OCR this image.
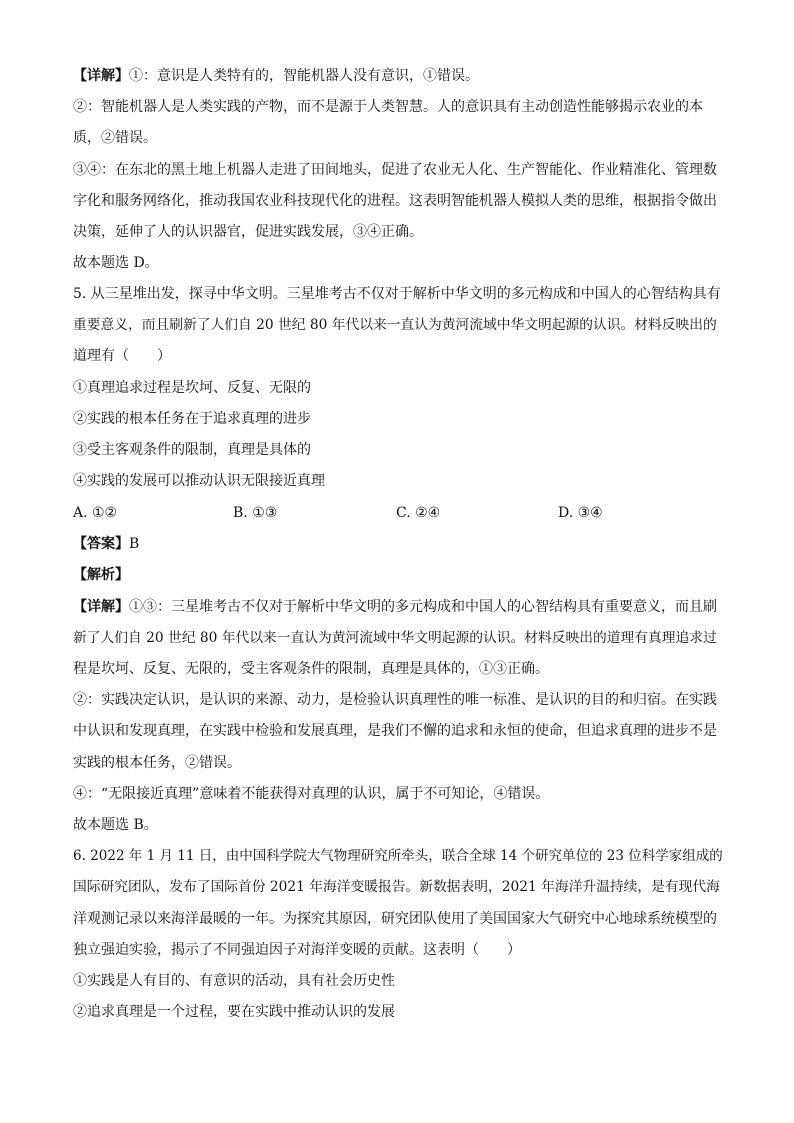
【详解】①：意识是人类特有的，智能机器人没有意识，①错误。
②：智能机器人是人类实践的产物，而不是源于人类智慧。人的意识具有主动创造性能够揭示农业的本
质，②错误。
③④：在东北的黑土地上机器人走进了田间地头，促进了农业无人化、生产智能化、作业精准化、管理数
字化和服务网络化，推动我国农业科技现代化的进程。这表明智能机器人模拟人类的思维，根据指令做出
决策，延伸了人的认识器官，促进实践发展，③④正确。
故本题选 D。
5. 从三星堆出发，探寻中华文明。三星堆考古不仅对于解析中华文明的多元构成和中国人的心智结构具有
重要意义，而且刷新了人们自 20 世纪 80 年代以来一直认为黄河流域中华文明起源的认识。材料反映出的
道理有（　　）
①真理追求过程是坎坷、反复、无限的
②实践的根本任务在于追求真理的进步
③受主客观条件的限制，真理是具体的
④实践的发展可以推动认识无限接近真理
A. ①②	B. ①③	C. ②④	D. ③④
【答案】B
【解析】
【详解】①③：三星堆考古不仅对于解析中华文明的多元构成和中国人的心智结构具有重要意义，而且刷
新了人们自 20 世纪 80 年代以来一直认为黄河流域中华文明起源的认识。材料反映出的道理有真理追求过
程是坎坷、反复、无限的，受主客观条件的限制，真理是具体的，①③正确。
②：实践决定认识，是认识的来源、动力，是检验认识真理性的唯一标准、是认识的目的和归宿。在实践
中认识和发现真理，在实践中检验和发展真理，是我们不懈的追求和永恒的使命，但追求真理的进步不是
实践的根本任务，②错误。
④：“无限接近真理”意味着不能获得对真理的认识，属于不可知论，④错误。
故本题选 B。
6. 2022 年 1 月 11 日，由中国科学院大气物理研究所牵头，联合全球 14 个研究单位的 23 位科学家组成的
国际研究团队，发布了国际首份 2021 年海洋变暖报告。新数据表明，2021 年海洋升温持续，是有现代海
洋观测记录以来海洋最暖的一年。为探究其原因，研究团队使用了美国国家大气研究中心地球系统模型的
独立强迫实验，揭示了不同强迫因子对海洋变暖的贡献。这表明（　　）
①实践是人有目的、有意识的活动，具有社会历史性
②追求真理是一个过程，要在实践中推动认识的发展
